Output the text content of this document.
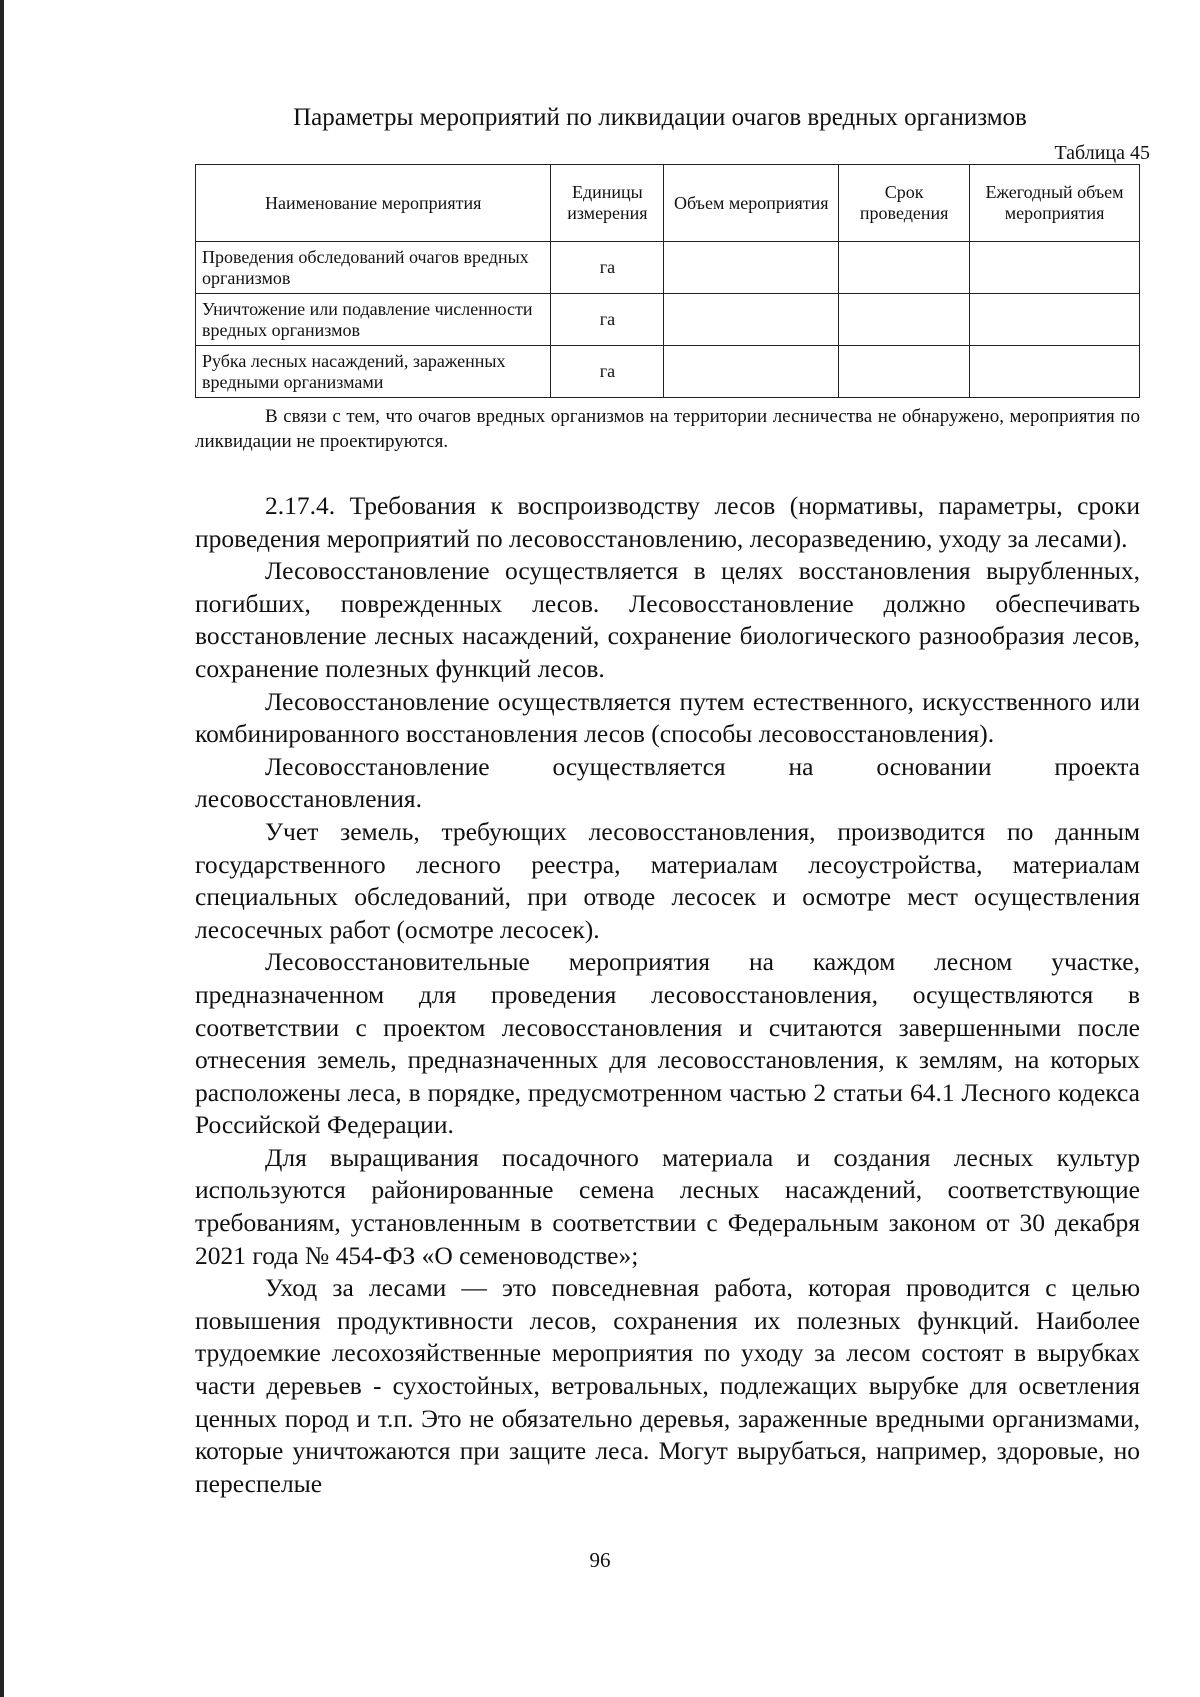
Параметры мероприятий по ликвидации очагов вредных организмов
Таблица 45
Наименование мероприятия	Единицы измерения	Объем мероприятия	Срок проведения	Ежегодный объем мероприятия
Проведения обследований очагов вредных организмов	га			
Уничтожение или подавление численности вредных организмов	га			
Рубка лесных насаждений, зараженных вредными организмами	га			

В связи с тем, что очагов вредных организмов на территории лесничества не обнаружено, мероприятия по ликвидации не проектируются.

2.17.4. Требования к воспроизводству лесов (нормативы, параметры, сроки проведения мероприятий по лесовосстановлению, лесоразведению, уходу за лесами).

Лесовосстановление осуществляется в целях восстановления вырубленных, погибших, поврежденных лесов. Лесовосстановление должно обеспечивать восстановление лесных насаждений, сохранение биологического разнообразия лесов, сохранение полезных функций лесов.

Лесовосстановление осуществляется путем естественного, искусственного или комбинированного восстановления лесов (способы лесовосстановления).

Лесовосстановление осуществляется на основании проекта лесовосстановления.

Учет земель, требующих лесовосстановления, производится по данным государственного лесного реестра, материалам лесоустройства, материалам специальных обследований, при отводе лесосек и осмотре мест осуществления лесосечных работ (осмотре лесосек).

Лесовосстановительные мероприятия на каждом лесном участке, предназначенном для проведения лесовосстановления, осуществляются в соответствии с проектом лесовосстановления и считаются завершенными после отнесения земель, предназначенных для лесовосстановления, к землям, на которых расположены леса, в порядке, предусмотренном частью 2 статьи 64.1 Лесного кодекса Российской Федерации.

Для выращивания посадочного материала и создания лесных культур используются районированные семена лесных насаждений, соответствующие требованиям, установленным в соответствии с Федеральным законом от 30 декабря 2021 года № 454-ФЗ «О семеноводстве»;

Уход за лесами — это повседневная работа, которая проводится с целью повышения продуктивности лесов, сохранения их полезных функций. Наиболее трудоемкие лесохозяйственные мероприятия по уходу за лесом состоят в вырубках части деревьев - сухостойных, ветровальных, подлежащих вырубке для осветления ценных пород и т.п. Это не обязательно деревья, зараженные вредными организмами, которые уничтожаются при защите леса. Могут вырубаться, например, здоровые, но переспелые

96
